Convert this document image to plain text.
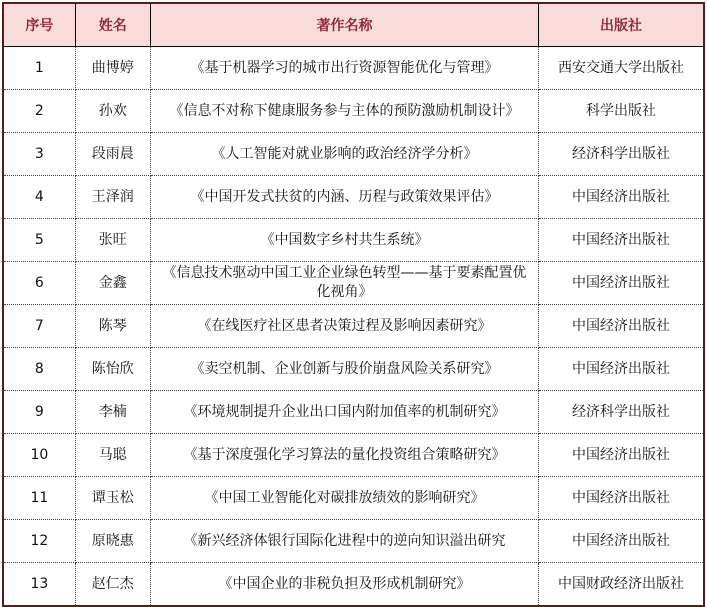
序号	姓名	著作名称	出版社
1	曲博婷	《基于机器学习的城市出行资源智能优化与管理》	西安交通大学出版社
2	孙欢	《信息不对称下健康服务参与主体的预防激励机制设计》	科学出版社
3	段雨晨	《人工智能对就业影响的政治经济学分析》	经济科学出版社
4	王泽润	《中国开发式扶贫的内涵、历程与政策效果评估》	中国经济出版社
5	张旺	《中国数字乡村共生系统》	中国经济出版社
6	金鑫	《信息技术驱动中国工业企业绿色转型——基于要素配置优化视角》	中国经济出版社
7	陈琴	《在线医疗社区患者决策过程及影响因素研究》	中国经济出版社
8	陈怡欣	《卖空机制、企业创新与股价崩盘风险关系研究》	中国经济出版社
9	李楠	《环境规制提升企业出口国内附加值率的机制研究》	经济科学出版社
10	马聪	《基于深度强化学习算法的量化投资组合策略研究》	中国经济出版社
11	谭玉松	《中国工业智能化对碳排放绩效的影响研究》	中国经济出版社
12	原晓惠	《新兴经济体银行国际化进程中的逆向知识溢出研究	中国经济出版社
13	赵仁杰	《中国企业的非税负担及形成机制研究》	中国财政经济出版社
